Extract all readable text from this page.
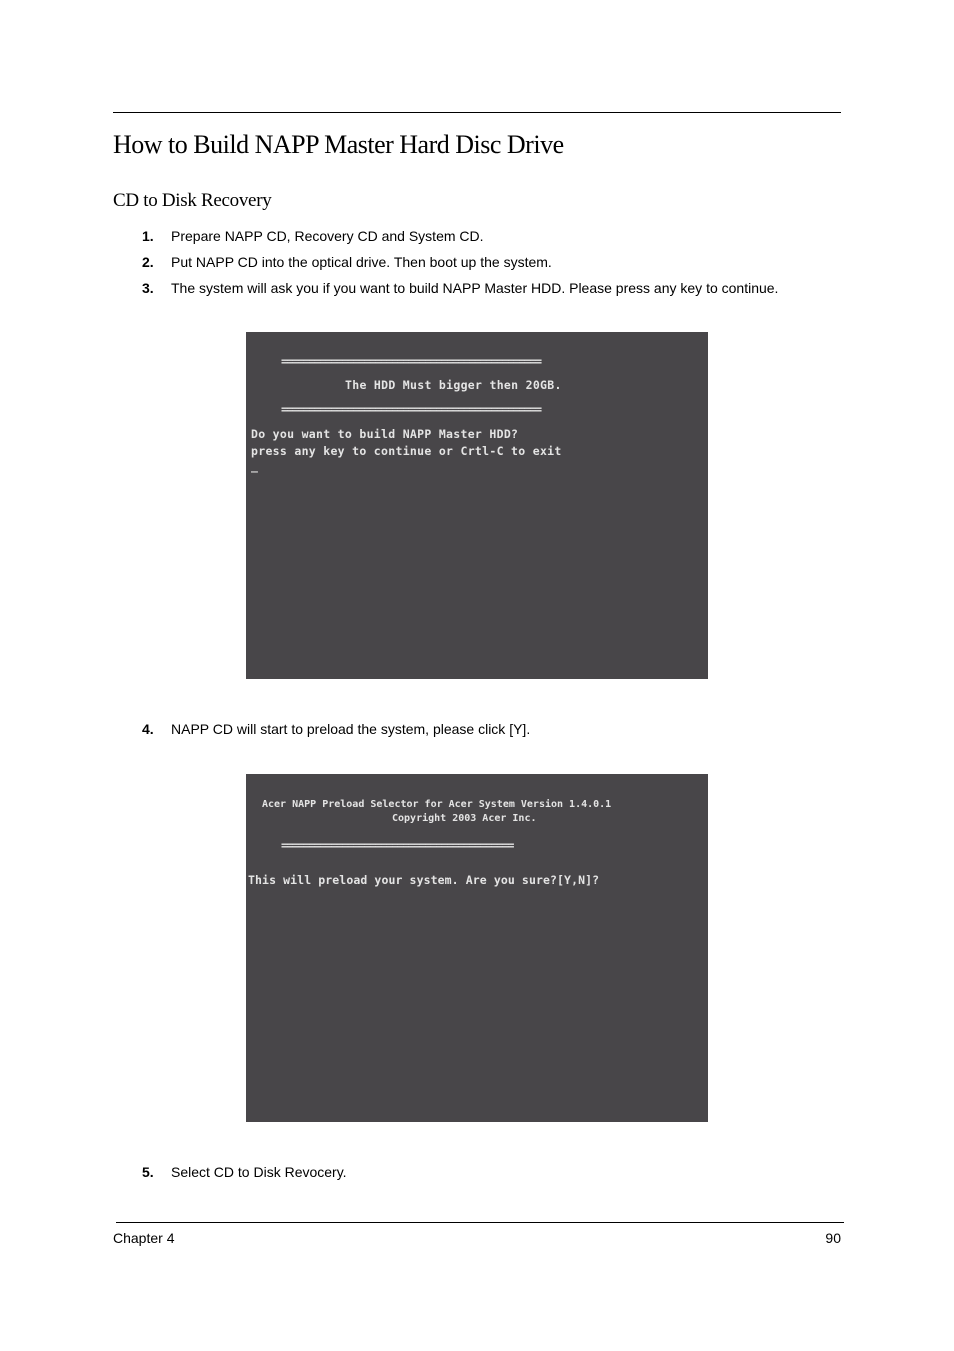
How to Build NAPP Master Hard Disc Drive
CD to Disk Recovery
1. Prepare NAPP CD, Recovery CD and System CD.
2. Put NAPP CD into the optical drive. Then boot up the system.
3. The system will ask you if you want to build NAPP Master HDD. Please press any key to continue.
===============================================
The HDD Must bigger then 20GB.
===============================================
Do you want to build NAPP Master HDD?
press any key to continue or Crtl-C to exit
_
4. NAPP CD will start to preload the system, please click [Y].
Acer NAPP Preload Selector for Acer System Version 1.4.0.1
Copyright 2003 Acer Inc.
==========================================
This will preload your system. Are you sure?[Y,N]?
5. Select CD to Disk Revocery.
Chapter 4	90
